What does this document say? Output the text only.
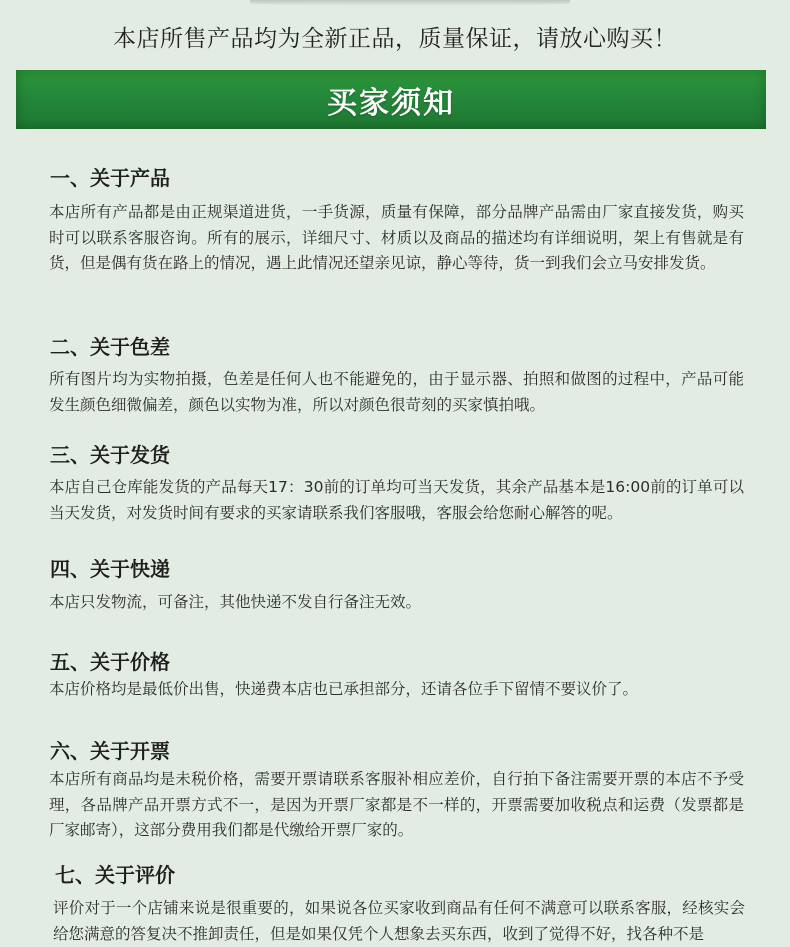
本店所售产品均为全新正品，质量保证，请放心购买！
买家须知
一、关于产品
本店所有产品都是由正规渠道进货，一手货源，质量有保障，部分品牌产品需由厂家直接发货，购买时可以联系客服咨询。所有的展示，详细尺寸、材质以及商品的描述均有详细说明，架上有售就是有货，但是偶有货在路上的情况，遇上此情况还望亲见谅，静心等待，货一到我们会立马安排发货。
二、关于色差
所有图片均为实物拍摄，色差是任何人也不能避免的，由于显示器、拍照和做图的过程中，产品可能发生颜色细微偏差，颜色以实物为准，所以对颜色很苛刻的买家慎拍哦。
三、关于发货
本店自己仓库能发货的产品每天17：30前的订单均可当天发货，其余产品基本是16:00前的订单可以当天发货，对发货时间有要求的买家请联系我们客服哦，客服会给您耐心解答的呢。
四、关于快递
本店只发物流，可备注，其他快递不发自行备注无效。
五、关于价格
本店价格均是最低价出售，快递费本店也已承担部分，还请各位手下留情不要议价了。
六、关于开票
本店所有商品均是未税价格，需要开票请联系客服补相应差价，自行拍下备注需要开票的本店不予受理，各品牌产品开票方式不一，是因为开票厂家都是不一样的，开票需要加收税点和运费（发票都是厂家邮寄），这部分费用我们都是代缴给开票厂家的。
七、关于评价
评价对于一个店铺来说是很重要的，如果说各位买家收到商品有任何不满意可以联系客服，经核实会给您满意的答复决不推卸责任，但是如果仅凭个人想象去买东西，收到了觉得不好，找各种不是
